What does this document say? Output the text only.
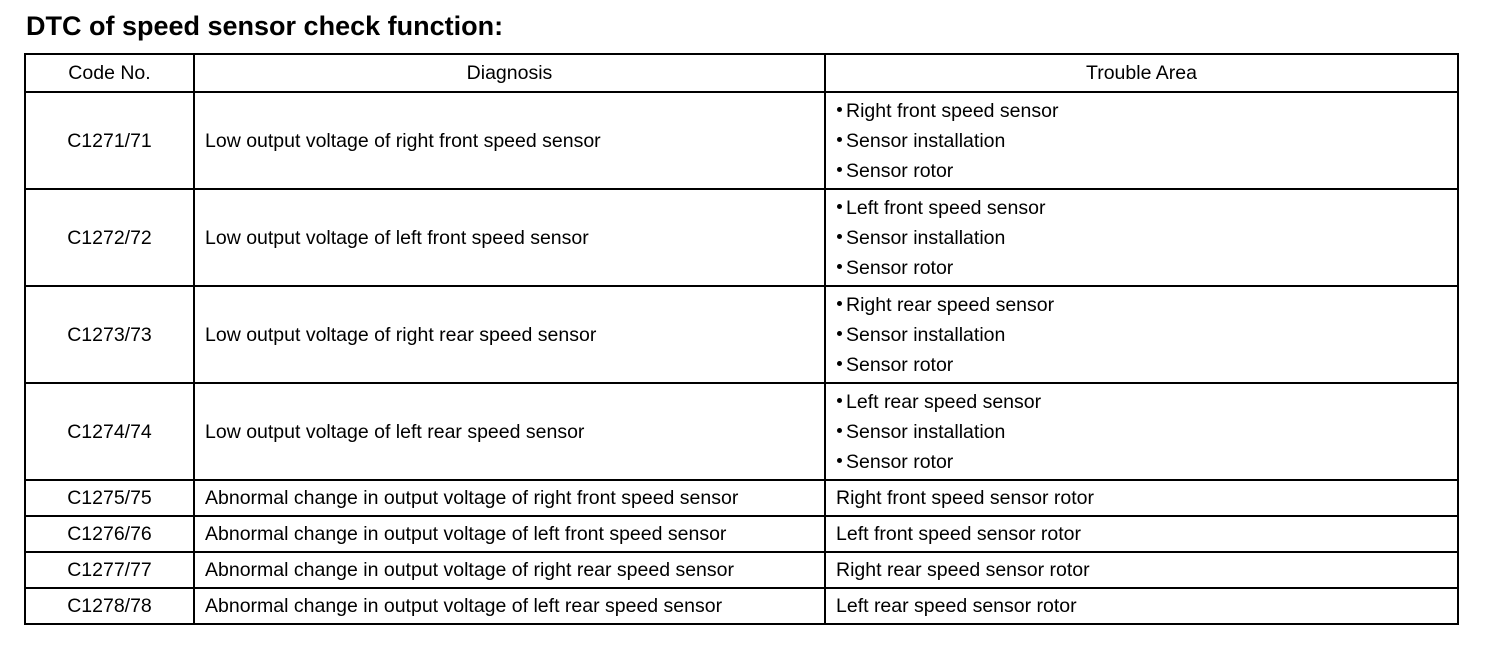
DTC of speed sensor check function:
Code No.	Diagnosis	Trouble Area
C1271/71	Low output voltage of right front speed sensor	Right front speed sensor
Sensor installation
Sensor rotor

C1272/72	Low output voltage of left front speed sensor	Left front speed sensor
Sensor installation
Sensor rotor

C1273/73	Low output voltage of right rear speed sensor	Right rear speed sensor
Sensor installation
Sensor rotor

C1274/74	Low output voltage of left rear speed sensor	Left rear speed sensor
Sensor installation
Sensor rotor

C1275/75	Abnormal change in output voltage of right front speed sensor	Right front speed sensor rotor

C1276/76	Abnormal change in output voltage of left front speed sensor	Left front speed sensor rotor

C1277/77	Abnormal change in output voltage of right rear speed sensor	Right rear speed sensor rotor

C1278/78	Abnormal change in output voltage of left rear speed sensor	Left rear speed sensor rotor
